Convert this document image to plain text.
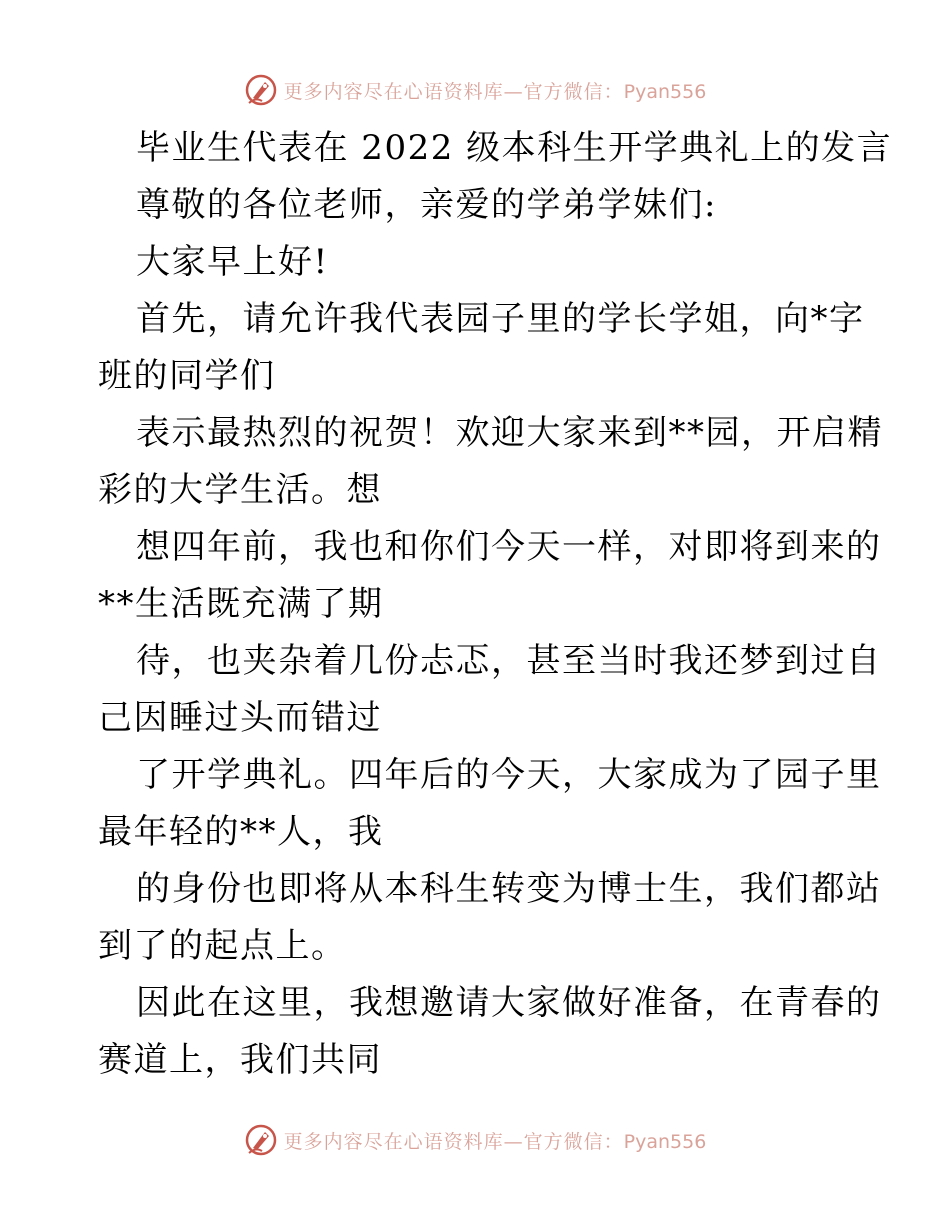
更多内容尽在心语资料库—官方微信：Pyan556
毕业生代表在 2022 级本科生开学典礼上的发言
尊敬的各位老师，亲爱的学弟学妹们:
大家早上好!
首先，请允许我代表园子里的学长学姐，向*字
班的同学们
表示最热烈的祝贺！欢迎大家来到**园，开启精
彩的大学生活。想
想四年前，我也和你们今天一样，对即将到来的
**生活既充满了期
待，也夹杂着几份忐忑，甚至当时我还梦到过自
己因睡过头而错过
了开学典礼。四年后的今天，大家成为了园子里
最年轻的**人，我
的身份也即将从本科生转变为博士生，我们都站
到了的起点上。
因此在这里，我想邀请大家做好准备，在青春的
赛道上，我们共同
更多内容尽在心语资料库—官方微信：Pyan556
